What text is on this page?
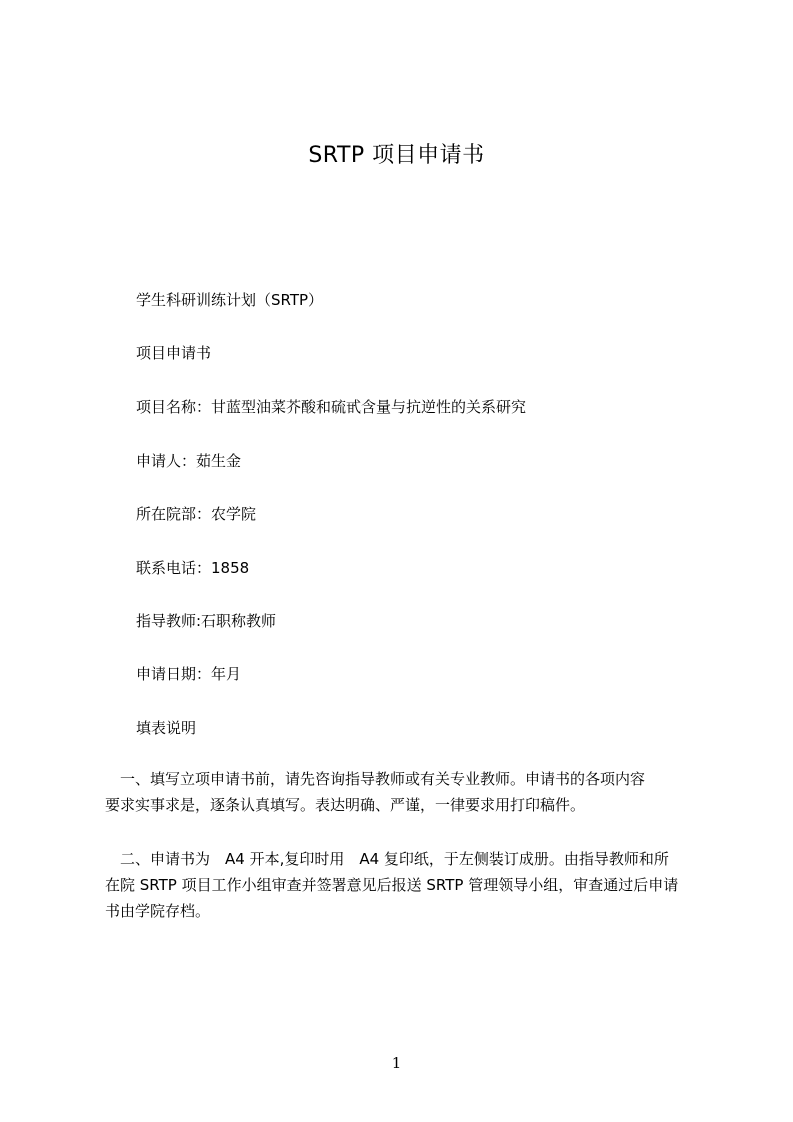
SRTP 项目申请书
学生科研训练计划（SRTP）
项目申请书
项目名称：甘蓝型油菜芥酸和硫甙含量与抗逆性的关系研究
申请人：茹生金
所在院部：农学院
联系电话：1858
指导教师:石职称教师
申请日期：年月
填表说明
　一、填写立项申请书前，请先咨询指导教师或有关专业教师。申请书的各项内容
要求实事求是，逐条认真填写。表达明确、严谨，一律要求用打印稿件。
　二、申请书为　A4 开本,复印时用　A4 复印纸，于左侧装订成册。由指导教师和所
在院 SRTP 项目工作小组审查并签署意见后报送 SRTP 管理领导小组，审查通过后申请
书由学院存档。
1
